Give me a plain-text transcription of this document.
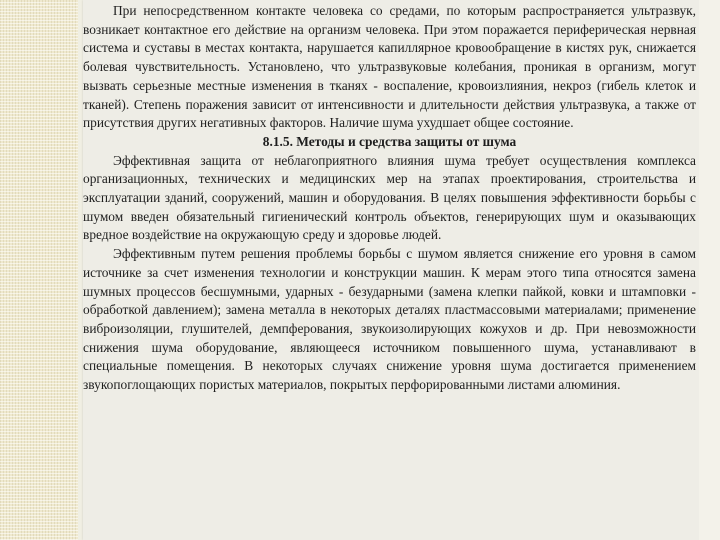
При непосредственном контакте человека со средами, по которым распространяется ультразвук, возникает контактное его действие на организм человека. При этом поражается периферическая нервная система и суставы в местах контакта, нарушается капиллярное кровообращение в кистях рук, снижается болевая чувствительность. Установлено, что ультразвуковые колебания, проникая в организм, могут вызвать серьезные местные изменения в тканях - воспаление, кровоизлияния, некроз (гибель клеток и тканей). Степень поражения зависит от интенсивности и длительности действия ультразвука, а также от присутствия других негативных факторов. Наличие шума ухудшает общее состояние.

8.1.5. Методы и средства защиты от шума

Эффективная защита от неблагоприятного влияния шума требует осуществления комплекса организационных, технических и медицинских мер на этапах проектирования, строительства и эксплуатации зданий, сооружений, машин и оборудования. В целях повышения эффективности борьбы с шумом введен обязательный гигиенический контроль объектов, генерирующих шум и оказывающих вредное воздействие на окружающую среду и здоровье людей.

Эффективным путем решения проблемы борьбы с шумом является снижение его уровня в самом источнике за счет изменения технологии и конструкции машин. К мерам этого типа относятся замена шумных процессов бесшумными, ударных - безударными (замена клепки пайкой, ковки и штамповки - обработкой давлением); замена металла в некоторых деталях пластмассовыми материалами; применение виброизоляции, глушителей, демпферования, звукоизолирующих кожухов и др. При невозможности снижения шума оборудование, являющееся источником повышенного шума, устанавливают в специальные помещения. В некоторых случаях снижение уровня шума достигается применением звукопоглощающих пористых материалов, покрытых перфорированными листами алюминия.
